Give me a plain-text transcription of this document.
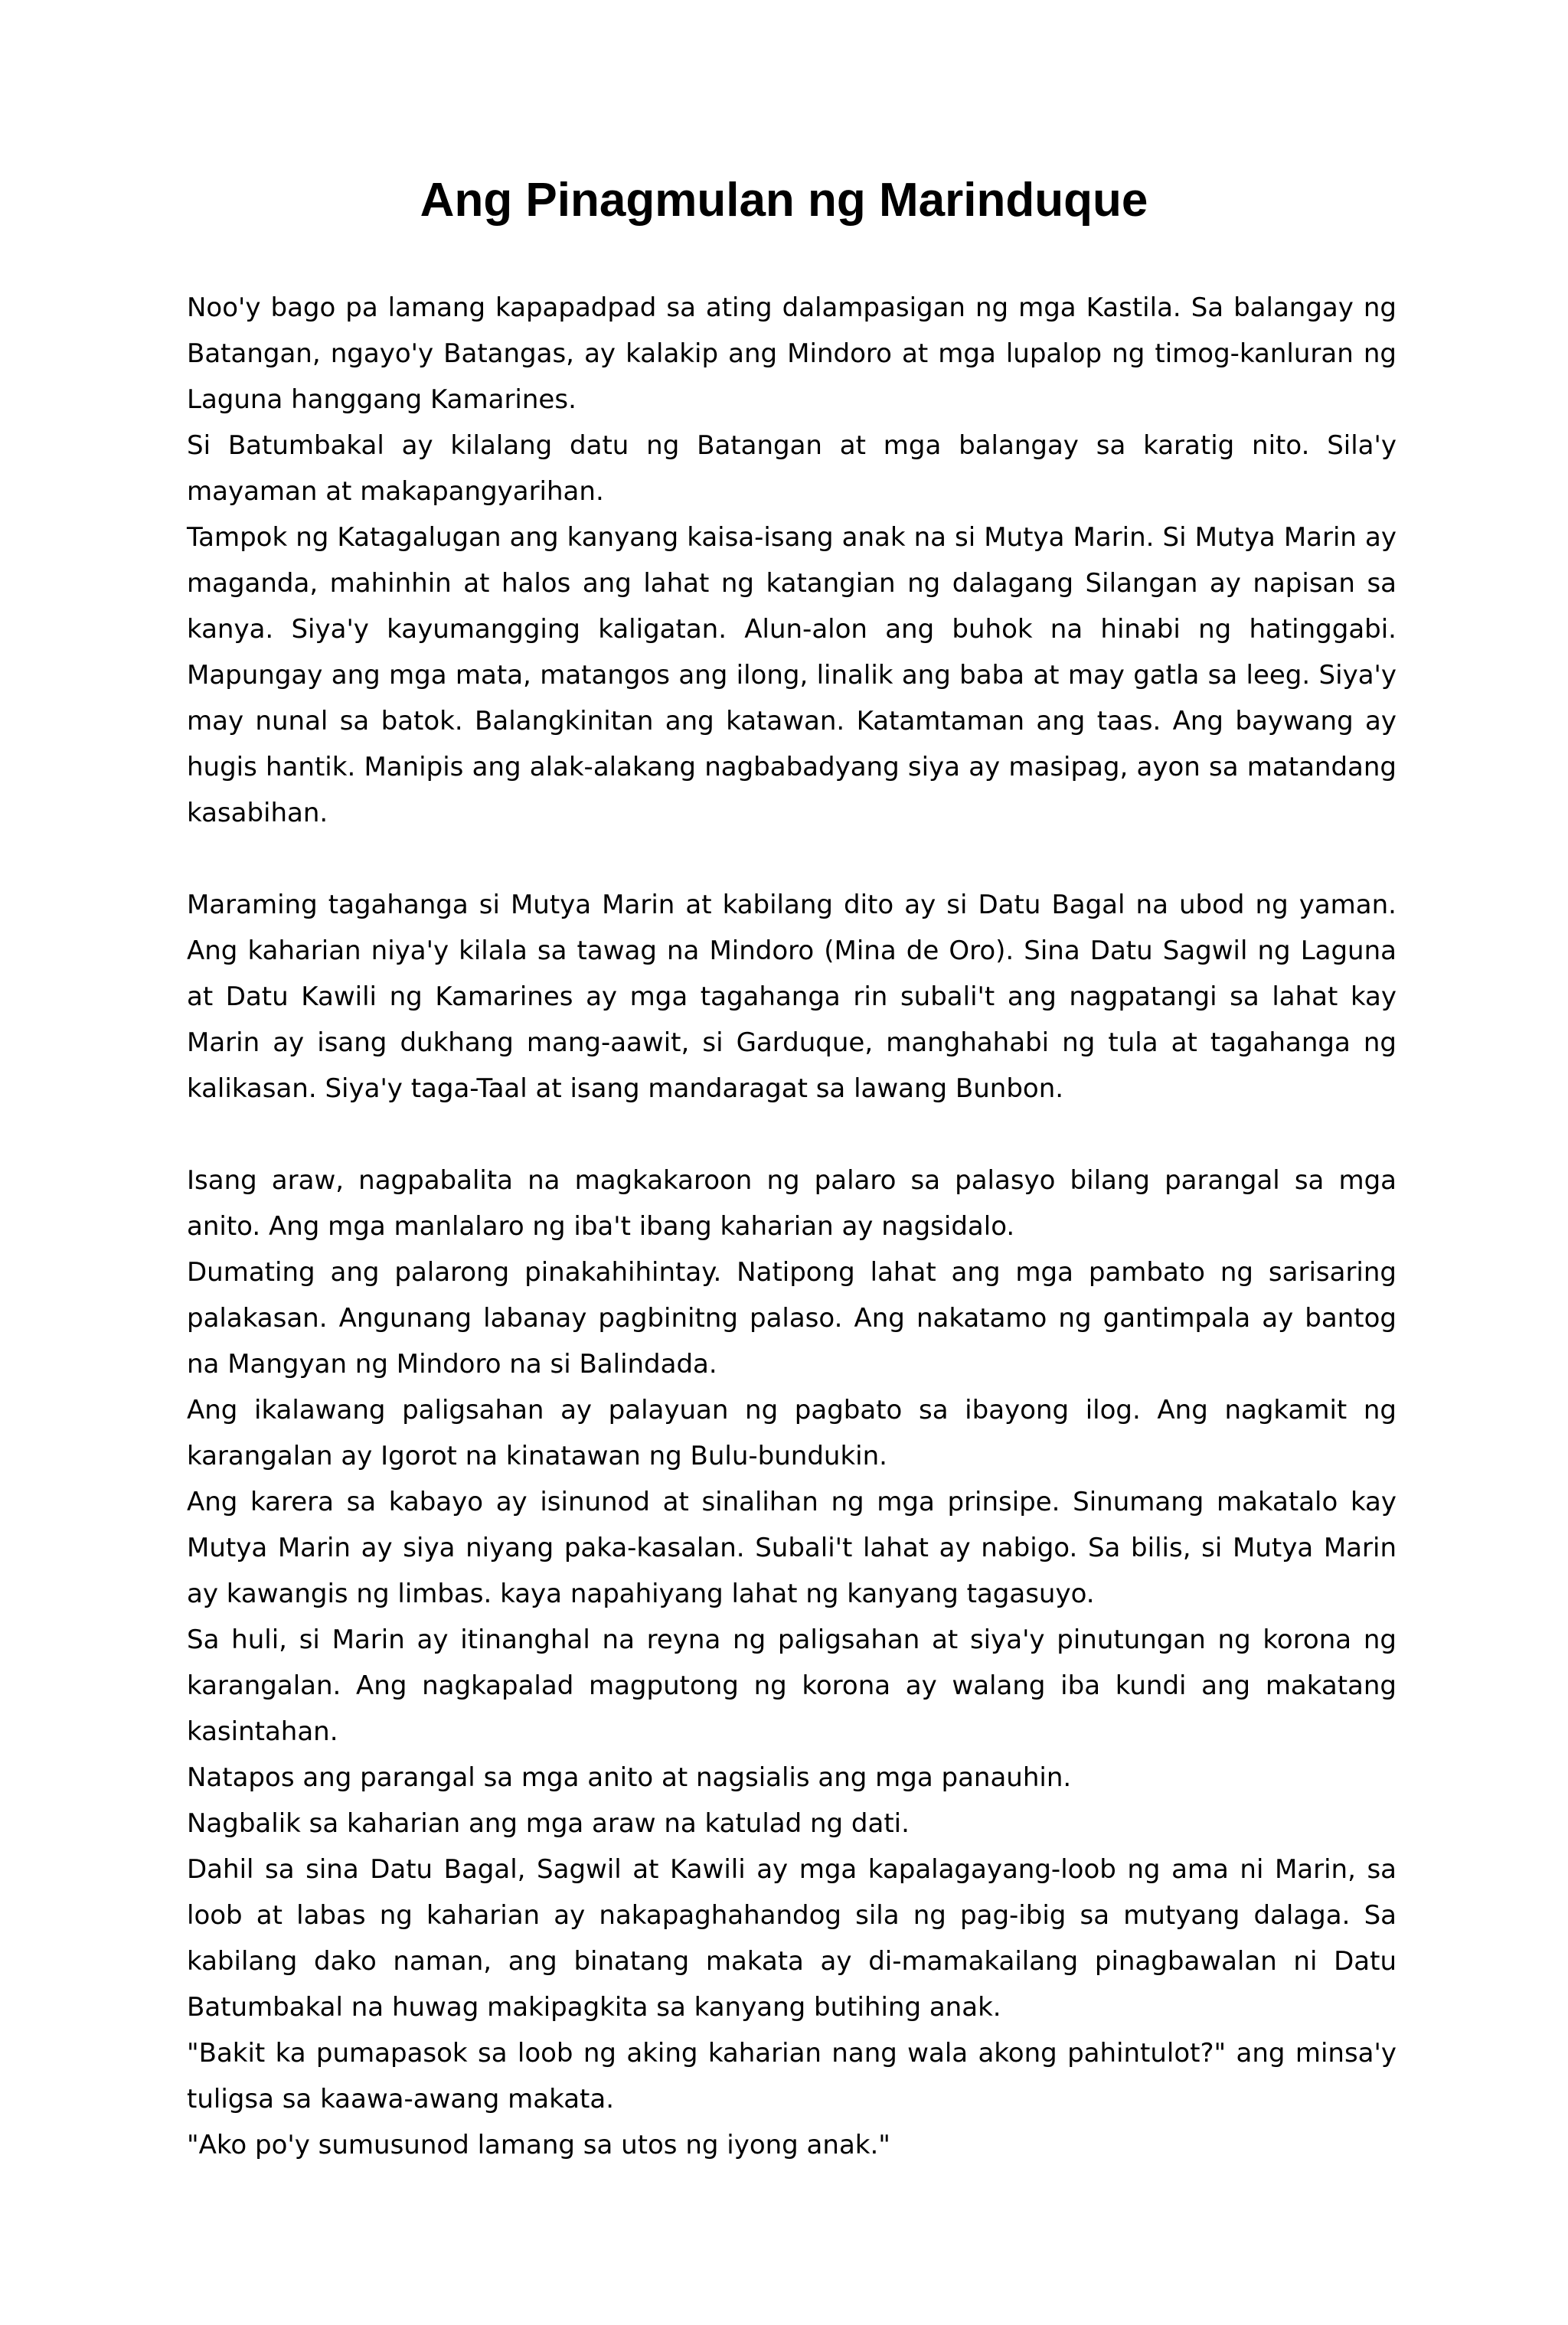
Ang Pinagmulan ng Marinduque

Noo'y bago pa lamang kapapadpad sa ating dalampasigan ng mga Kastila. Sa balangay ng Batangan, ngayo'y Batangas, ay kalakip ang Mindoro at mga lupalop ng timog-kanluran ng Laguna hanggang Kamarines.

Si Batumbakal ay kilalang datu ng Batangan at mga balangay sa karatig nito. Sila'y mayaman at makapangyarihan.

Tampok ng Katagalugan ang kanyang kaisa-isang anak na si Mutya Marin. Si Mutya Marin ay maganda, mahinhin at halos ang lahat ng katangian ng dalagang Silangan ay napisan sa kanya. Siya'y kayumangging kaligatan. Alun-alon ang buhok na hinabi ng hatinggabi. Mapungay ang mga mata, matangos ang ilong, linalik ang baba at may gatla sa leeg. Siya'y may nunal sa batok. Balangkinitan ang katawan. Katamtaman ang taas. Ang baywang ay hugis hantik. Manipis ang alak-alakang nagbabadyang siya ay masipag, ayon sa matandang kasabihan.

Maraming tagahanga si Mutya Marin at kabilang dito ay si Datu Bagal na ubod ng yaman. Ang kaharian niya'y kilala sa tawag na Mindoro (Mina de Oro). Sina Datu Sagwil ng Laguna at Datu Kawili ng Kamarines ay mga tagahanga rin subali't ang nagpatangi sa lahat kay Marin ay isang dukhang mang-aawit, si Garduque, manghahabi ng tula at tagahanga ng kalikasan. Siya'y taga-Taal at isang mandaragat sa lawang Bunbon.

Isang araw, nagpabalita na magkakaroon ng palaro sa palasyo bilang parangal sa mga anito. Ang mga manlalaro ng iba't ibang kaharian ay nagsidalo.

Dumating ang palarong pinakahihintay. Natipong lahat ang mga pambato ng sarisaring palakasan. Angunang labanay pagbinitng palaso. Ang nakatamo ng gantimpala ay bantog na Mangyan ng Mindoro na si Balindada.

Ang ikalawang paligsahan ay palayuan ng pagbato sa ibayong ilog. Ang nagkamit ng karangalan ay Igorot na kinatawan ng Bulu-bundukin.

Ang karera sa kabayo ay isinunod at sinalihan ng mga prinsipe. Sinumang makatalo kay Mutya Marin ay siya niyang paka-kasalan. Subali't lahat ay nabigo. Sa bilis, si Mutya Marin ay kawangis ng limbas. kaya napahiyang lahat ng kanyang tagasuyo.

Sa huli, si Marin ay itinanghal na reyna ng paligsahan at siya'y pinutungan ng korona ng karangalan. Ang nagkapalad magputong ng korona ay walang iba kundi ang makatang kasintahan.

Natapos ang parangal sa mga anito at nagsialis ang mga panauhin.

Nagbalik sa kaharian ang mga araw na katulad ng dati.

Dahil sa sina Datu Bagal, Sagwil at Kawili ay mga kapalagayang-loob ng ama ni Marin, sa loob at labas ng kaharian ay nakapaghahandog sila ng pag-ibig sa mutyang dalaga. Sa kabilang dako naman, ang binatang makata ay di-mamakailang pinagbawalan ni Datu Batumbakal na huwag makipagkita sa kanyang butihing anak.

"Bakit ka pumapasok sa loob ng aking kaharian nang wala akong pahintulot?" ang minsa'y tuligsa sa kaawa-awang makata.

"Ako po'y sumusunod lamang sa utos ng iyong anak."
